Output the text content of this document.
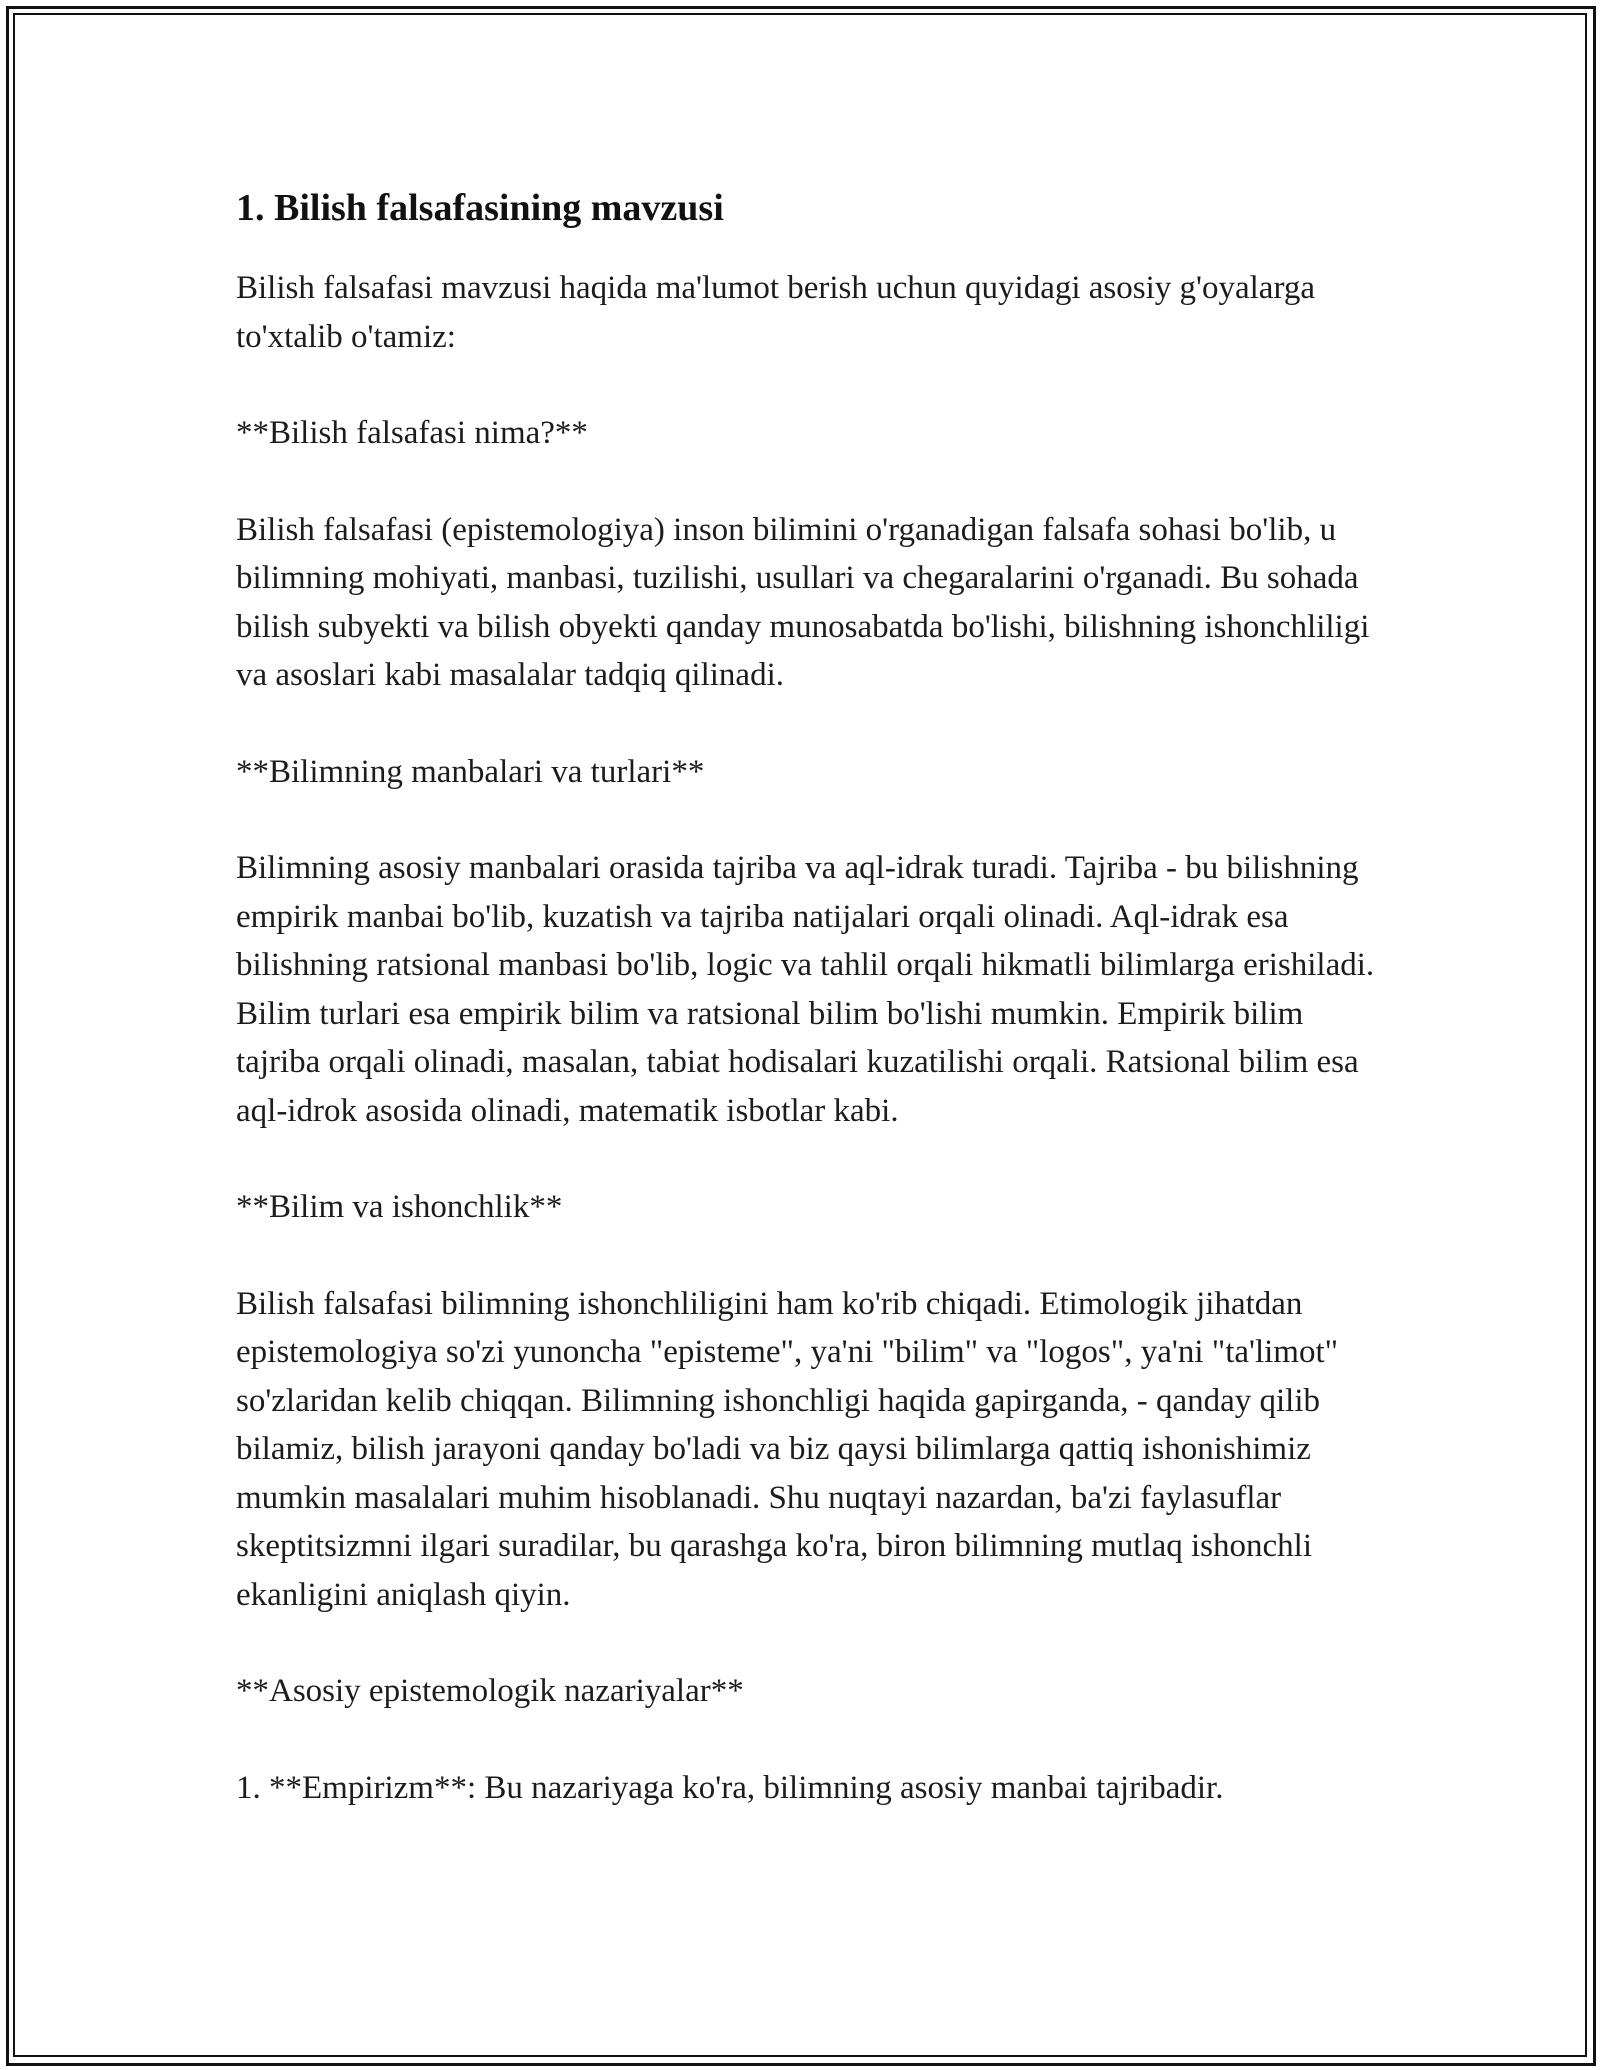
1. Bilish falsafasining mavzusi

Bilish falsafasi mavzusi haqida ma'lumot berish uchun quyidagi asosiy g'oyalarga to'xtalib o'tamiz:

**Bilish falsafasi nima?**

Bilish falsafasi (epistemologiya) inson bilimini o'rganadigan falsafa sohasi bo'lib, u bilimning mohiyati, manbasi, tuzilishi, usullari va chegaralarini o'rganadi. Bu sohada bilish subyekti va bilish obyekti qanday munosabatda bo'lishi, bilishning ishonchliligi va asoslari kabi masalalar tadqiq qilinadi.

**Bilimning manbalari va turlari**

Bilimning asosiy manbalari orasida tajriba va aql-idrak turadi. Tajriba - bu bilishning empirik manbai bo'lib, kuzatish va tajriba natijalari orqali olinadi. Aql-idrak esa bilishning ratsional manbasi bo'lib, logic va tahlil orqali hikmatli bilimlarga erishiladi. Bilim turlari esa empirik bilim va ratsional bilim bo'lishi mumkin. Empirik bilim tajriba orqali olinadi, masalan, tabiat hodisalari kuzatilishi orqali. Ratsional bilim esa aql-idrok asosida olinadi, matematik isbotlar kabi.

**Bilim va ishonchlik**

Bilish falsafasi bilimning ishonchliligini ham ko'rib chiqadi. Etimologik jihatdan epistemologiya so'zi yunoncha "episteme", ya'ni "bilim" va "logos", ya'ni "ta'limot" so'zlaridan kelib chiqqan. Bilimning ishonchligi haqida gapirganda, - qanday qilib bilamiz, bilish jarayoni qanday bo'ladi va biz qaysi bilimlarga qattiq ishonishimiz mumkin masalalari muhim hisoblanadi. Shu nuqtayi nazardan, ba'zi faylasuflar skeptitsizmni ilgari suradilar, bu qarashga ko'ra, biron bilimning mutlaq ishonchli ekanligini aniqlash qiyin.

**Asosiy epistemologik nazariyalar**

1. **Empirizm**: Bu nazariyaga ko'ra, bilimning asosiy manbai tajribadir.
